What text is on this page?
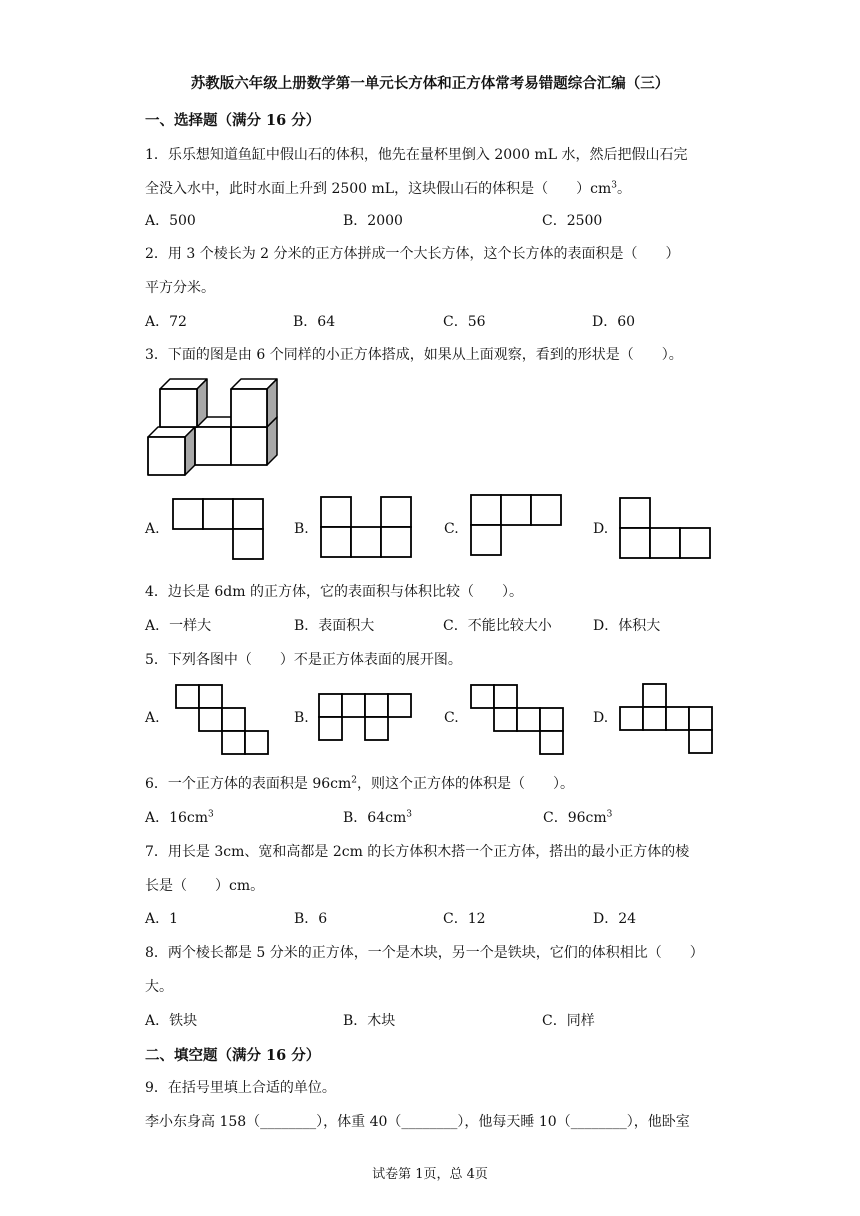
苏教版六年级上册数学第一单元长方体和正方体常考易错题综合汇编（三）
一、选择题（满分 16 分）
1．乐乐想知道鱼缸中假山石的体积，他先在量杯里倒入 2000 mL 水，然后把假山石完
全没入水中，此时水面上升到 2500 mL，这块假山石的体积是（　　）$cm^3$。
A．500	B．2000	C．2500
2．用 3 个棱长为 2 分米的正方体拼成一个大长方体，这个长方体的表面积是（　　）
平方分米。
A．72	B．64	C．56	D．60
3．下面的图是由 6 个同样的小正方体搭成，如果从上面观察，看到的形状是（　　）。
A.	B.	C.	D.
4．边长是 6dm 的正方体，它的表面积与体积比较（　　）。
A．一样大	B．表面积大	C．不能比较大小	D．体积大
5．下列各图中（　　）不是正方体表面的展开图。
A.	B.	C.	D.
6．一个正方体的表面积是 $96cm^2$，则这个正方体的体积是（　　）。
A．$16cm^3$	B．$64cm^3$	C．$96cm^3$
7．用长是 3cm、宽和高都是 2cm 的长方体积木搭一个正方体，搭出的最小正方体的棱
长是（　　）cm。
A．1	B．6	C．12	D．24
8．两个棱长都是 5 分米的正方体，一个是木块，另一个是铁块，它们的体积相比（　　）
大。
A．铁块	B．木块	C．同样
二、填空题（满分 16 分）
9．在括号里填上合适的单位。
李小东身高 158（________），体重 40（________），他每天睡 10（________），他卧室
试卷第 1页，总 4页
